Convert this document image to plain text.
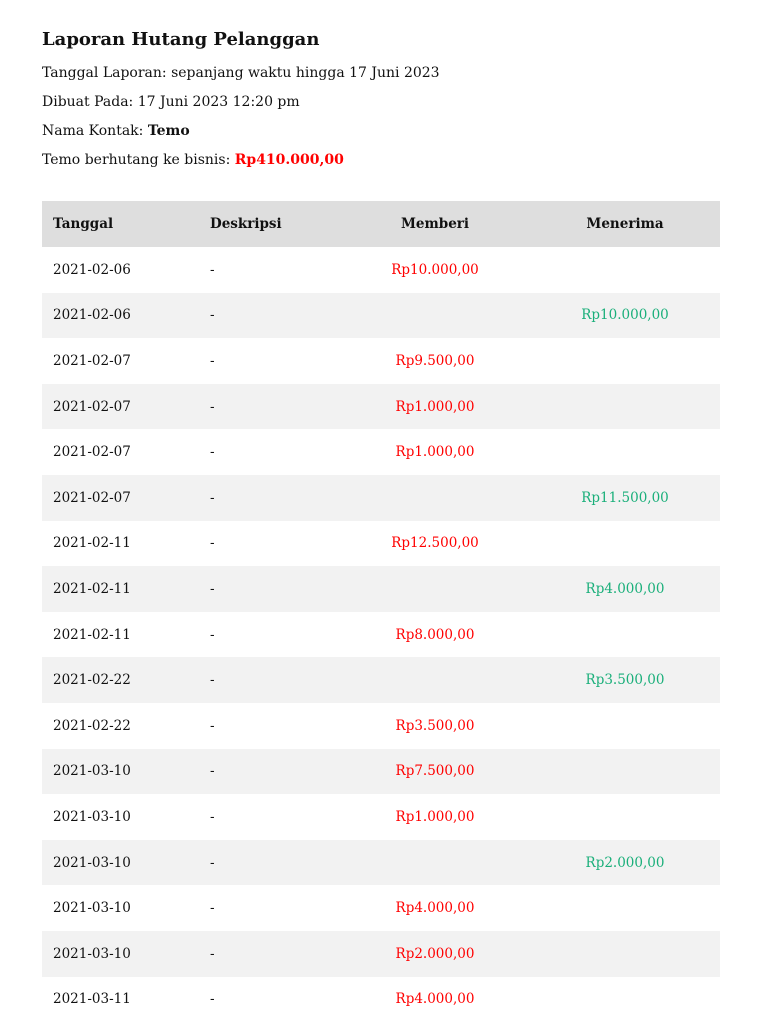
Laporan Hutang Pelanggan

Tanggal Laporan: sepanjang waktu hingga 17 Juni 2023

Dibuat Pada: 17 Juni 2023 12:20 pm

Nama Kontak: Temo

Temo berhutang ke bisnis: Rp410.000,00

Tanggal	Deskripsi	Memberi	Menerima
2021-02-06	-	Rp10.000,00	
2021-02-06	-		Rp10.000,00
2021-02-07	-	Rp9.500,00	
2021-02-07	-	Rp1.000,00	
2021-02-07	-	Rp1.000,00	
2021-02-07	-		Rp11.500,00
2021-02-11	-	Rp12.500,00	
2021-02-11	-		Rp4.000,00
2021-02-11	-	Rp8.000,00	
2021-02-22	-		Rp3.500,00
2021-02-22	-	Rp3.500,00	
2021-03-10	-	Rp7.500,00	
2021-03-10	-	Rp1.000,00	
2021-03-10	-		Rp2.000,00
2021-03-10	-	Rp4.000,00	
2021-03-10	-	Rp2.000,00	
2021-03-11	-	Rp4.000,00	
